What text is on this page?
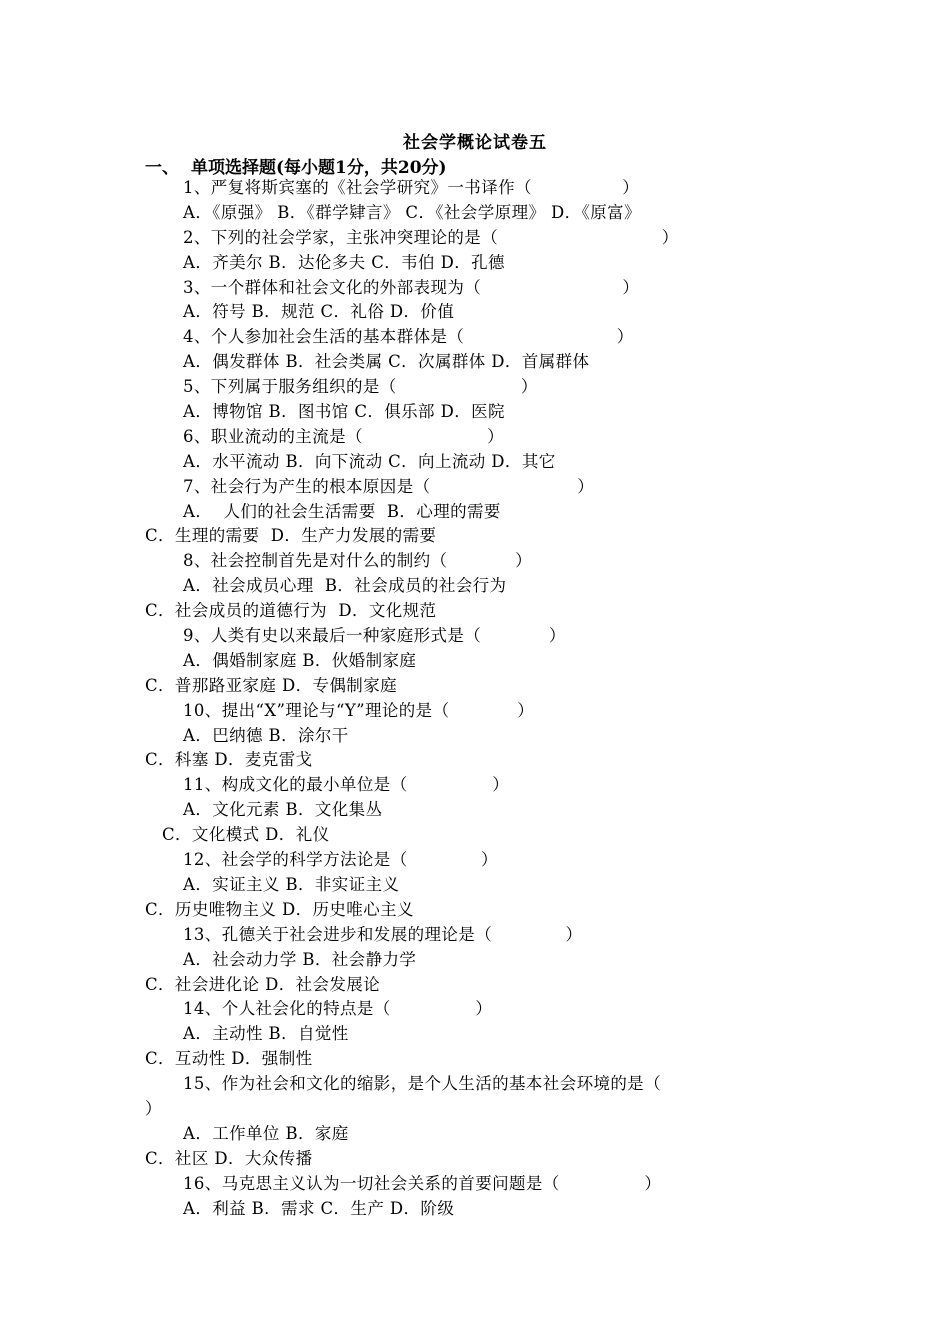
社会学概论试卷五
一、 单项选择题(每小题1分，共20分)
1、严复将斯宾塞的《社会学研究》一书译作（                ）
A．《原强》 B．《群学肄言》 C．《社会学原理》 D．《原富》
2、下列的社会学家，主张冲突理论的是（                             ）
A．齐美尔 B．达伦多夫 C．韦伯 D．孔德
3、一个群体和社会文化的外部表现为（                         ）
A．符号 B．规范 C．礼俗 D．价值
4、个人参加社会生活的基本群体是（                           ）
A．偶发群体 B．社会类属 C．次属群体 D．首属群体
5、下列属于服务组织的是（                      ）
A．博物馆 B．图书馆 C．俱乐部 D．医院
6、职业流动的主流是（                      ）
A．水平流动 B．向下流动 C．向上流动 D．其它
7、社会行为产生的根本原因是（                          ）
A．  人们的社会生活需要  B．心理的需要
C．生理的需要  D．生产力发展的需要
8、社会控制首先是对什么的制约（            ）
A．社会成员心理  B．社会成员的社会行为
C．社会成员的道德行为  D．文化规范
9、人类有史以来最后一种家庭形式是（            ）
A．偶婚制家庭 B．伙婚制家庭
C．普那路亚家庭 D．专偶制家庭
10、提出“X”理论与“Y”理论的是（            ）
A．巴纳德 B．涂尔干
C．科塞 D．麦克雷戈
11、构成文化的最小单位是（               ）
A．文化元素 B．文化集丛
C．文化模式 D．礼仪
12、社会学的科学方法论是（             ）
A．实证主义 B．非实证主义
C．历史唯物主义 D．历史唯心主义
13、孔德关于社会进步和发展的理论是（             ）
A．社会动力学 B．社会静力学
C．社会进化论 D．社会发展论
14、个人社会化的特点是（               ）
A．主动性 B．自觉性
C．互动性 D．强制性
15、作为社会和文化的缩影，是个人生活的基本社会环境的是（
）
A．工作单位 B．家庭
C．社区 D．大众传播
16、马克思主义认为一切社会关系的首要问题是（               ）
A．利益 B．需求 C．生产 D．阶级
